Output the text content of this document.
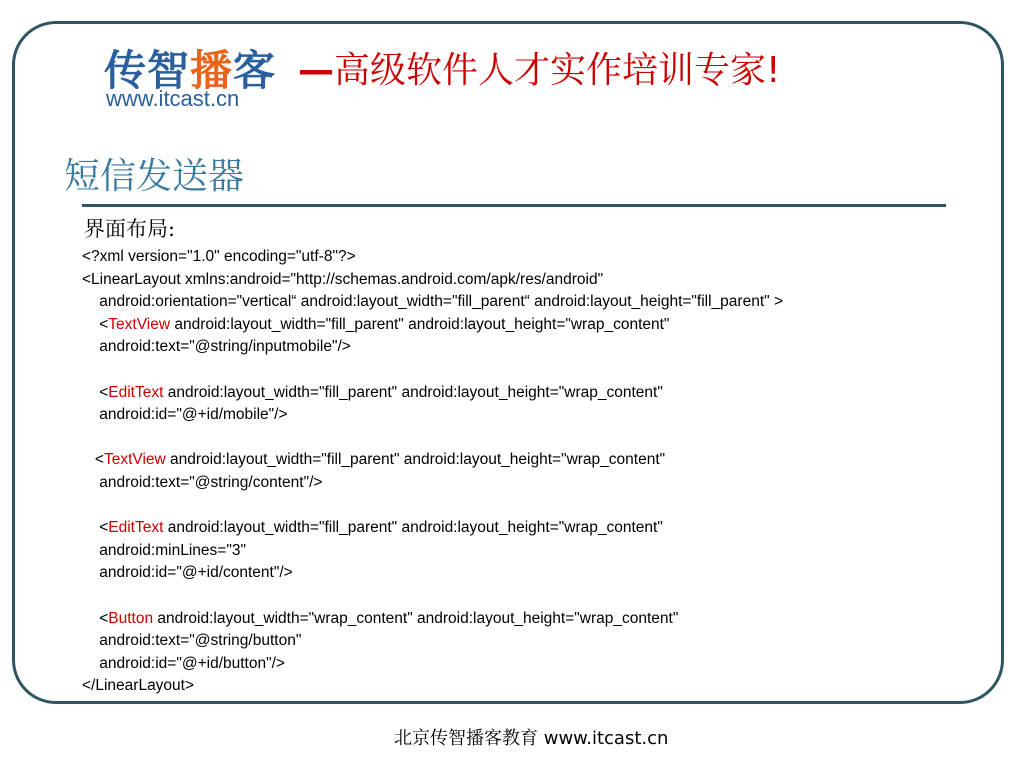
传智播客
www.itcast.cn
—高级软件人才实作培训专家!
短信发送器
界面布局:
<?xml version="1.0" encoding="utf-8"?>
<LinearLayout xmlns:android="http://schemas.android.com/apk/res/android"
android:orientation="vertical“ android:layout_width="fill_parent“ android:layout_height="fill_parent" >
<TextView android:layout_width="fill_parent" android:layout_height="wrap_content"
android:text="@string/inputmobile"/>
<EditText android:layout_width="fill_parent" android:layout_height="wrap_content"
android:id="@+id/mobile"/>
<TextView android:layout_width="fill_parent" android:layout_height="wrap_content"
android:text="@string/content"/>
<EditText android:layout_width="fill_parent" android:layout_height="wrap_content"
android:minLines="3"
android:id="@+id/content"/>
<Button android:layout_width="wrap_content" android:layout_height="wrap_content"
android:text="@string/button"
android:id="@+id/button"/>
</LinearLayout>
北京传智播客教育 www.itcast.cn
